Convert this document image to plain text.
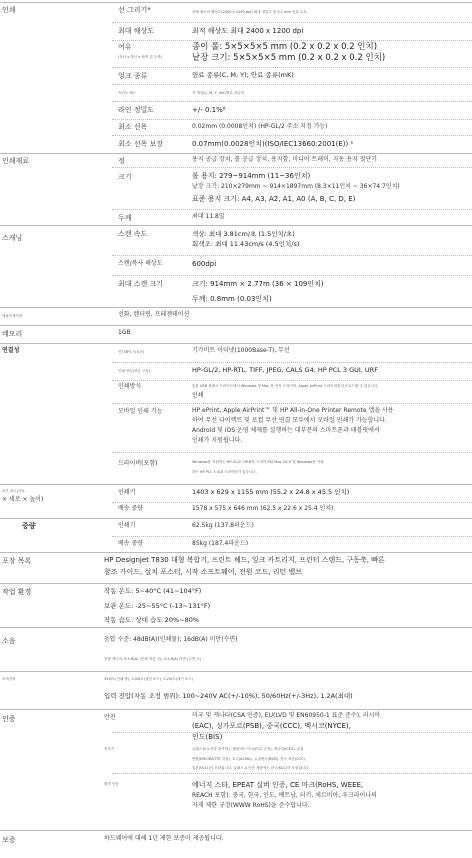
인쇄	선 그리기*	선례 최소의 해상도(2400 x 1200 dpi) 최대 정밀도 및 0.1 mm 선폭 수록.
최대 해상도	최적 해상도 최대 2400 x 1200 dpi
여유
(상단 x 하단 x 좌측 및 우측)
종이 롤: 5×5×5×5 mm (0.2 x 0.2 x 0.2 인치)
낱장 크기: 5×5×5×5 mm (0.2 x 0.2 x 0.2 인치)
잉크 종류	염료 종류(C, M, Y); 안료 종류(mK)
프린트 헤드	각 색상(C, M, Y, mK)별로 하나씩
라인 정밀도	+/- 0.1%⁶
최소 선폭	0.02mm (0.0008인치) (HP-GL/2 주소 지정 가능)
최소 선폭 보장	0.07mm(0.0028인치)(ISO/IEC13660:2001(E)) ¹
인쇄재료	정	용지 공급 장치, 롤 공급 장치, 용지함, 미디어 트레이, 자동 용지 절단기
크기	롤 용지: 279~914mm (11~36인치)
낱장 크기: 210×279mm ~ 914×1897mm (8.3×11인치 ~ 36×74.7인치)
표준 용지 크기: A4, A3, A2, A1, A0 (A, B, C, D, E)
두께	최대 11.8밀
스캐닝	스캔 속도	색상: 최대 3.81cm/초 (1.5인치/초)
회색조: 최대 11.43cm/s (4.5인치/s)
스캔/복사 해상도	600dpi
최대 스캔 크기	크기: 914mm × 2.77m (36 × 109인치)
두께: 0.8mm (0.03인치)
애플리케이션	선화, 렌더링, 프레젠테이션
메모리	1GB
연결성	인터페이스(표준)	기가비트 이더넷(1000Base-T), 무선
인쇄 언어(표준 구성)	HP-GL/2, HP-RTL, TIFF, JPEG, CALS G4, HP PCL 3 GUI, URF
인쇄방식	통합 USB 플래시 드라이브에서 Windows 및 Mac 용 전자 드라이버, Apple AirPrint 드라이버를 다운로드할 수 있습니다.
인쇄
모바일 인쇄 기능	HP ePrint, Apple AirPrint™ 및 HP All-in-One Printer Remote 앱을 사용
하여 무선 다이렉트 및 로컬 무선 연결 모두에서 모바일 인쇄가 가능합니다.
Android 및 iOS 운영 체제를 실행하는 대부분의 스마트폰과 태블릿에서
인쇄가 지원됩니다.
드라이버(포함)	Windows용 지원하는 HP-GL/2, HP-RTL 드라이버와 Mac OS X 및 Windows용 지원
하는 HP PCL 3 GUI 드라이버가 있습니다.
외부 치수(가로
× 세로 × 높이)
인쇄기	1403 x 629 x 1155 mm (55.2 x 24.8 x 45.5 인치)
배송 중량	1578 x 575 x 646 mm (62.5 x 22.6 x 25.4 인치)
중량	인쇄기	62.5kg (137.8파운드)
배송 중량	85kg (187.4파운드)
포장 목록	HP Designjet T830 대형 복합기, 프린트 헤드, 잉크 카트리지, 프린터 스탠드, 구동축, 빠른
참조 가이드, 설치 포스터, 시작 소프트웨어, 전원 코드, 리턴 밸브
작업 환경	작동 온도: 5~40°C (41~104°F)
보관 온도: -25~55°C (-13~131°F)
작동 습도: 상대 습도 20%~80%
소음	음압 수준: 48dB(A)(인쇄물); 16dB(A) 미만(수면)
음향 에너지: 6.5 B(A) (인쇄 작업 시); 3.4 B(A) 미만 (수면 시)
소비전력	35와트(인쇄 중), 3.5와트(절전 모드), 0.2와트(대기 모드)
입력 전압(자동 조정 범위): 100~240V AC(+/-10%), 50/60Hz(+/-3Hz), 1.2A(최대)
인증	안전	미국 및 캐나다(CSA 인증), EU(LVD 및 EN60950-1 표준 준수), 러시아
(EAC), 싱가포르(PSB), 중국(CCC), 멕시코(NYCE),
인도(BIS)
전자기	클래스 B 요건을 충족하는 제품에는 미국(FCC 규정), 캐나다(ICES), 유럽
연합(EMC/R&TTE 지침), 호주(ACMA), 뉴질랜드(RSM), 중국 표준(CCC),
일본(VCCI)이 포함됩니다. 클래스 A 인증 제품에는 한국(KCC)이 포함됩니다.
환경 인증	에너지 스타, EPEAT 실버 인증, CE 마크(RoHS, WEEE,
REACH 포함). 중국, 한국, 인도, 베트남, 터키, 세르비아, 우크라이나의
자재 제한 규정(WWW RoHS)을 준수합니다.
보증	하드웨어에 대해 1년 제한 보증이 제공됩니다.
